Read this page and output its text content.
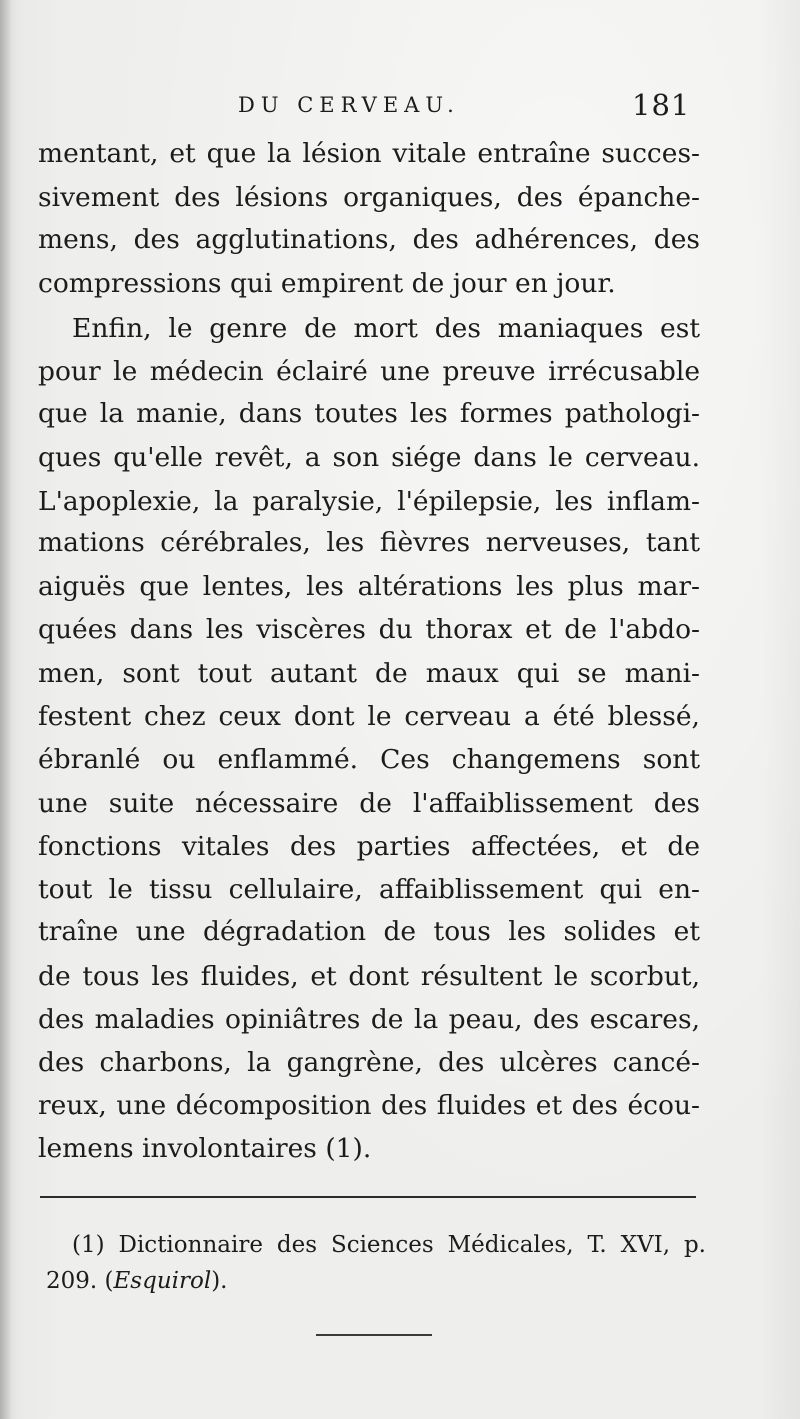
DU CERVEAU.	181
mentant, et que la lésion vitale entraîne succes-
sivement des lésions organiques, des épanche-
mens, des agglutinations, des adhérences, des
compressions qui empirent de jour en jour.
Enfin, le genre de mort des maniaques est
pour le médecin éclairé une preuve irrécusable
que la manie, dans toutes les formes pathologi-
ques qu'elle revêt, a son siége dans le cerveau.
L'apoplexie, la paralysie, l'épilepsie, les inflam-
mations cérébrales, les fièvres nerveuses, tant
aiguës que lentes, les altérations les plus mar-
quées dans les viscères du thorax et de l'abdo-
men, sont tout autant de maux qui se mani-
festent chez ceux dont le cerveau a été blessé,
ébranlé ou enflammé. Ces changemens sont
une suite nécessaire de l'affaiblissement des
fonctions vitales des parties affectées, et de
tout le tissu cellulaire, affaiblissement qui en-
traîne une dégradation de tous les solides et
de tous les fluides, et dont résultent le scorbut,
des maladies opiniâtres de la peau, des escares,
des charbons, la gangrène, des ulcères cancé-
reux, une décomposition des fluides et des écou-
lemens involontaires (1).
(1) Dictionnaire des Sciences Médicales, T. XVI, p.
209. (Esquirol).
